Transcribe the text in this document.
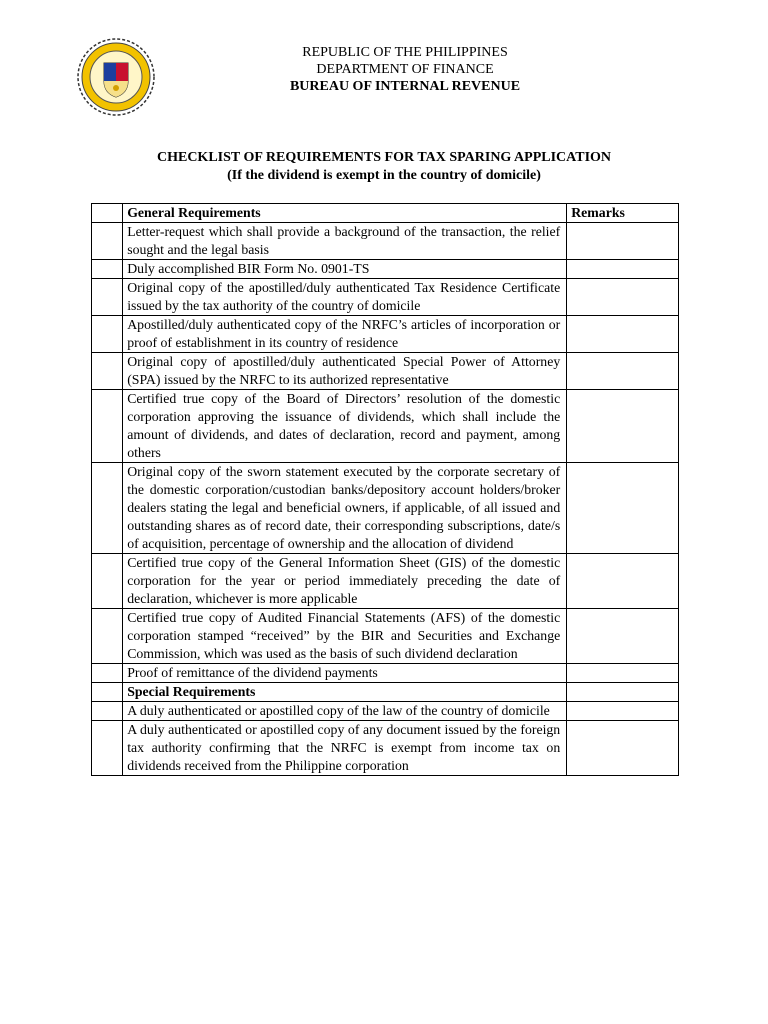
REPUBLIC OF THE PHILIPPINES
DEPARTMENT OF FINANCE
BUREAU OF INTERNAL REVENUE
CHECKLIST OF REQUIREMENTS FOR TAX SPARING APPLICATION
(If the dividend is exempt in the country of domicile)
	General Requirements	Remarks
	Letter-request which shall provide a background of the transaction, the relief sought and the legal basis	
	Duly accomplished BIR Form No. 0901-TS	
	Original copy of the apostilled/duly authenticated Tax Residence Certificate issued by the tax authority of the country of domicile	
	Apostilled/duly authenticated copy of the NRFC’s articles of incorporation or proof of establishment in its country of residence	
	Original copy of apostilled/duly authenticated Special Power of Attorney (SPA) issued by the NRFC to its authorized representative	
	Certified true copy of the Board of Directors’ resolution of the domestic corporation approving the issuance of dividends, which shall include the amount of dividends, and dates of declaration, record and payment, among others	
	Original copy of the sworn statement executed by the corporate secretary of the domestic corporation/custodian banks/depository account holders/broker dealers stating the legal and beneficial owners, if applicable, of all issued and outstanding shares as of record date, their corresponding subscriptions, date/s of acquisition, percentage of ownership and the allocation of dividend	
	Certified true copy of the General Information Sheet (GIS) of the domestic corporation for the year or period immediately preceding the date of declaration, whichever is more applicable	
	Certified true copy of Audited Financial Statements (AFS) of the domestic corporation stamped “received” by the BIR and Securities and Exchange Commission, which was used as the basis of such dividend declaration	
	Proof of remittance of the dividend payments	
	Special Requirements	
	A duly authenticated or apostilled copy of the law of the country of domicile	
	A duly authenticated or apostilled copy of any document issued by the foreign tax authority confirming that the NRFC is exempt from income tax on dividends received from the Philippine corporation	
